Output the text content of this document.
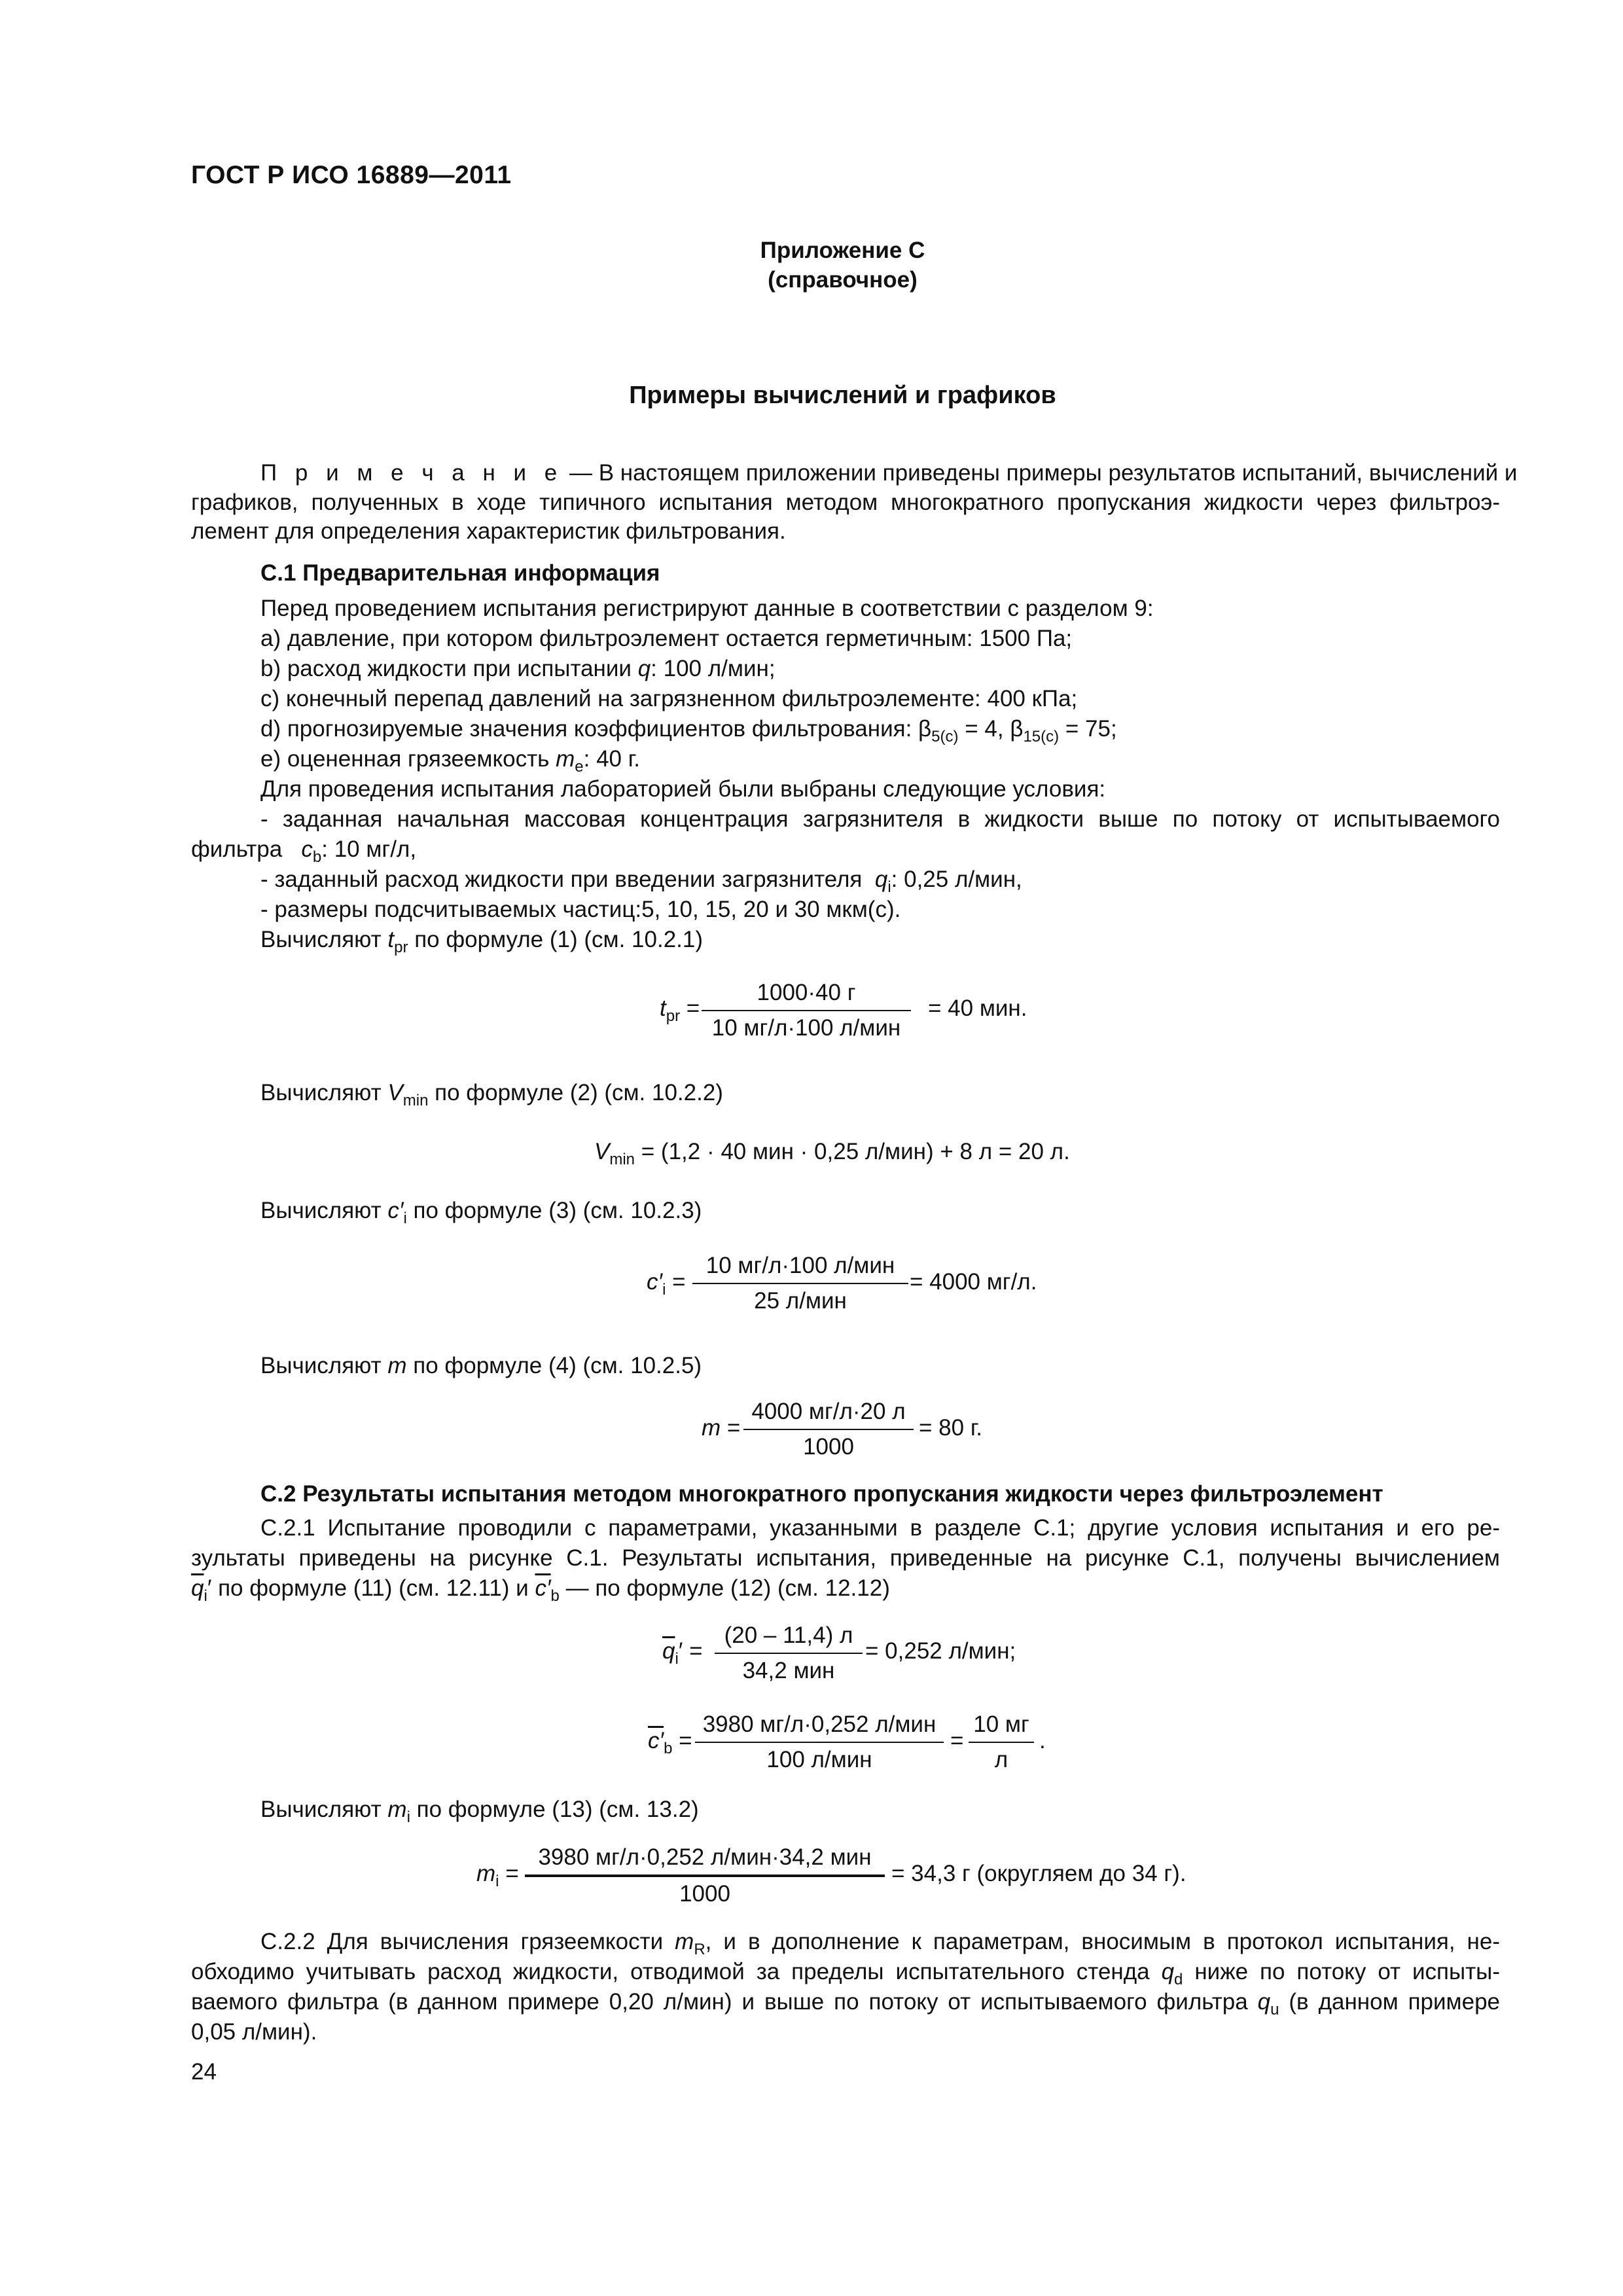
ГОСТ Р ИСО 16889—2011
Приложение С
(справочное)
Примеры вычислений и графиков
П р и м е ч а н и е — В настоящем приложении приведены примеры результатов испытаний, вычислений и
графиков, полученных в ходе типичного испытания методом многократного пропускания жидкости через фильтроэ-
лемент для определения характеристик фильтрования.
С.1 Предварительная информация
Перед проведением испытания регистрируют данные в соответствии с разделом 9:
a) давление, при котором фильтроэлемент остается герметичным: 1500 Па;
b) расход жидкости при испытании q: 100 л/мин;
c) конечный перепад давлений на загрязненном фильтроэлементе: 400 кПа;
d) прогнозируемые значения коэффициентов фильтрования: $\beta_{5(c)} = 4$, $\beta_{15(c)} = 75$;
e) оцененная грязеемкость $m_e$: 40 г.
Для проведения испытания лабораторией были выбраны следующие условия:
- заданная начальная массовая концентрация загрязнителя в жидкости выше по потоку от испытываемого
фильтра   $c_b$: 10 мг/л,
- заданный расход жидкости при введении загрязнителя  $q_i$: 0,25 л/мин,
- размеры подсчитываемых частиц:5, 10, 15, 20 и 30 мкм(c).
Вычисляют $t_{pr}$ по формуле (1) (см. 10.2.1)
$t_{pr}$ =
1000·40 г
10 мг/л·100 л/мин
= 40 мин.
Вычисляют $V_{min}$ по формуле (2) (см. 10.2.2)
$V_{min} = (1,2 \cdot 40$ мин · 0,25 л/мин) + 8 л = 20 л.
Вычисляют $c'_i$ по формуле (3) (см. 10.2.3)
$c'_i$ =
10 мг/л·100 л/мин
25 л/мин
= 4000 мг/л.
Вычисляют m по формуле (4) (см. 10.2.5)
m =
4000 мг/л·20 л
1000
= 80 г.
С.2 Результаты испытания методом многократного пропускания жидкости через фильтроэлемент
С.2.1 Испытание проводили с параметрами, указанными в разделе С.1; другие условия испытания и его ре-
зультаты приведены на рисунке С.1. Результаты испытания, приведенные на рисунке С.1, получены вычислением
$\overline{q}_i'$ по формуле (11) (см. 12.11) и $c'_b$ — по формуле (12) (см. 12.12)
$\overline{q}_i'$ =
(20 – 11,4) л
34,2 мин
= 0,252 л/мин;
$c'_b$ =
3980 мг/л·0,252 л/мин
100 л/мин
=
10 мг
л
.
Вычисляют $m_i$ по формуле (13) (см. 13.2)
$m_i$ =
3980 мг/л·0,252 л/мин·34,2 мин
1000
= 34,3 г (округляем до 34 г).
С.2.2 Для вычисления грязеемкости $m_R$, и в дополнение к параметрам, вносимым в протокол испытания, не-
обходимо учитывать расход жидкости, отводимой за пределы испытательного стенда $q_d$ ниже по потоку от испыты-
ваемого фильтра (в данном примере 0,20 л/мин) и выше по потоку от испытываемого фильтра $q_u$ (в данном примере
0,05 л/мин).
24
